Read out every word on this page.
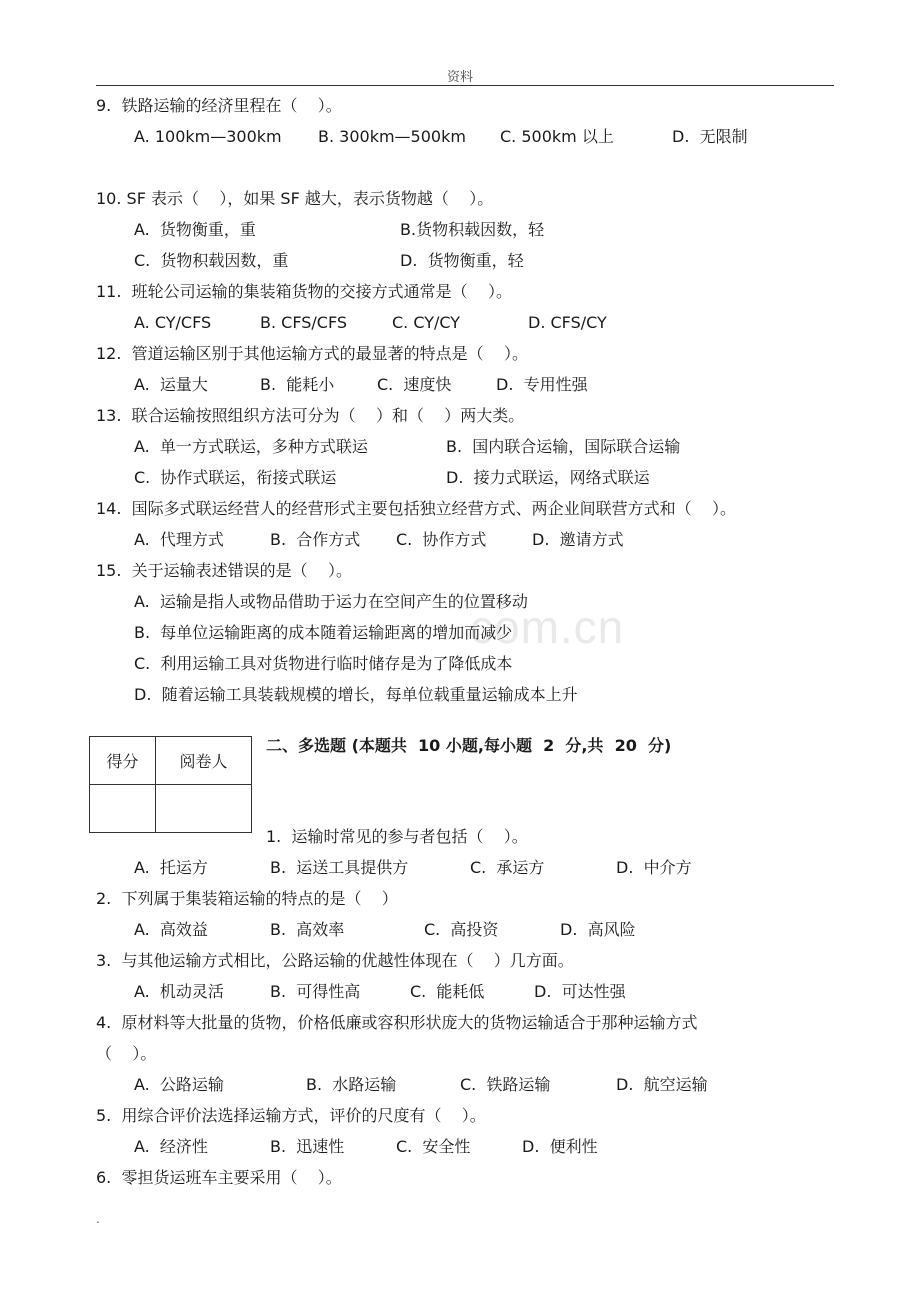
资料
com.cn
9.  铁路运输的经济里程在（    ）。
A. 100km—300km B. 300km—500km C. 500km 以上	D.  无限制
10. SF 表示（    ），如果 SF 越大，表示货物越（    ）。
A.  货物衡重，重	B.货物积载因数，轻
C.  货物积载因数，重	D.  货物衡重，轻
11.  班轮公司运输的集装箱货物的交接方式通常是（    ）。
A. CY/CFS	B. CFS/CFS	C. CY/CY	D. CFS/CY
12.  管道运输区别于其他运输方式的最显著的特点是（    ）。
A.  运量大	B.  能耗小	C.  速度快	D.  专用性强
13.  联合运输按照组织方法可分为（    ）和（    ）两大类。
A.  单一方式联运，多种方式联运	B.  国内联合运输，国际联合运输
C.  协作式联运，衔接式联运	D.  接力式联运，网络式联运
14.  国际多式联运经营人的经营形式主要包括独立经营方式、两企业间联营方式和（    ）。
A.  代理方式	B.  合作方式 C.  协作方式	D.  邀请方式
15.  关于运输表述错误的是（    ）。
A.  运输是指人或物品借助于运力在空间产生的位置移动
B.  每单位运输距离的成本随着运输距离的增加而减少
C.  利用运输工具对货物进行临时储存是为了降低成本
D.  随着运输工具装载规模的增长，每单位载重量运输成本上升
得分	阅卷人

二、多选题 (本题共  10 小题,每小题  2  分,共  20  分)
1.  运输时常见的参与者包括（    ）。
A.  托运方	B.  运送工具提供方	C.  承运方	D.  中介方
2.  下列属于集装箱运输的特点的是（    ）
A.  高效益	B.  高效率	C.  高投资	D.  高风险
3.  与其他运输方式相比，公路运输的优越性体现在（    ）几方面。
A.  机动灵活	B.  可得性高	C.  能耗低	D.  可达性强
4.  原材料等大批量的货物，价格低廉或容积形状庞大的货物运输适合于那种运输方式
（    ）。
A.  公路运输	B.  水路运输	C.  铁路运输	D.  航空运输
5.  用综合评价法选择运输方式，评价的尺度有（    ）。
A.  经济性	B.  迅速性	C.  安全性	D.  便利性
6.  零担货运班车主要采用（    ）。
.
